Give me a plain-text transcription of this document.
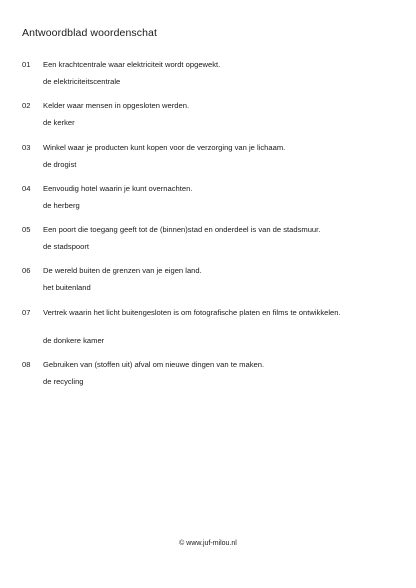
Antwoordblad woordenschat
01 Een krachtcentrale waar elektriciteit wordt opgewekt.
de elektriciteitscentrale
02 Kelder waar mensen in opgesloten werden.
de kerker
03 Winkel waar je producten kunt kopen voor de verzorging van je lichaam.
de drogist
04 Eenvoudig hotel waarin je kunt overnachten.
de herberg
05 Een poort die toegang geeft tot de (binnen)stad en onderdeel is van de stadsmuur.
de stadspoort
06 De wereld buiten de grenzen van je eigen land.
het buitenland
07 Vertrek waarin het licht buitengesloten is om fotografische platen en films te ontwikkelen.
de donkere kamer
08 Gebruiken van (stoffen uit) afval om nieuwe dingen van te maken.
de recycling
© www.juf-milou.nl
